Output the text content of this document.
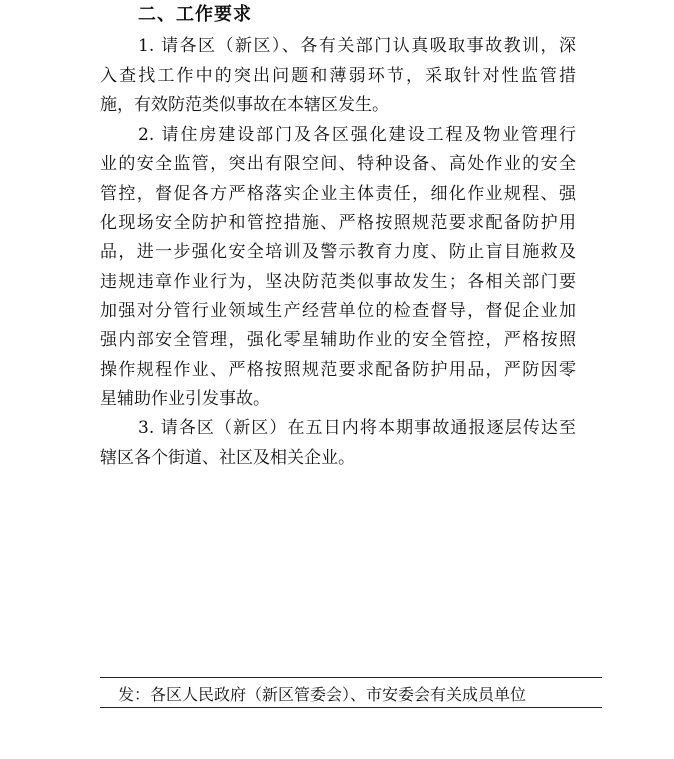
二、工作要求
1. 请各区（新区）、各有关部门认真吸取事故教训，深
入查找工作中的突出问题和薄弱环节，采取针对性监管措
施，有效防范类似事故在本辖区发生。
2. 请住房建设部门及各区强化建设工程及物业管理行
业的安全监管，突出有限空间、特种设备、高处作业的安全
管控，督促各方严格落实企业主体责任，细化作业规程、强
化现场安全防护和管控措施、严格按照规范要求配备防护用
品，进一步强化安全培训及警示教育力度、防止盲目施救及
违规违章作业行为，坚决防范类似事故发生；各相关部门要
加强对分管行业领域生产经营单位的检查督导，督促企业加
强内部安全管理，强化零星辅助作业的安全管控，严格按照
操作规程作业、严格按照规范要求配备防护用品，严防因零
星辅助作业引发事故。
3. 请各区（新区）在五日内将本期事故通报逐层传达至
辖区各个街道、社区及相关企业。
发：各区人民政府（新区管委会）、市安委会有关成员单位
